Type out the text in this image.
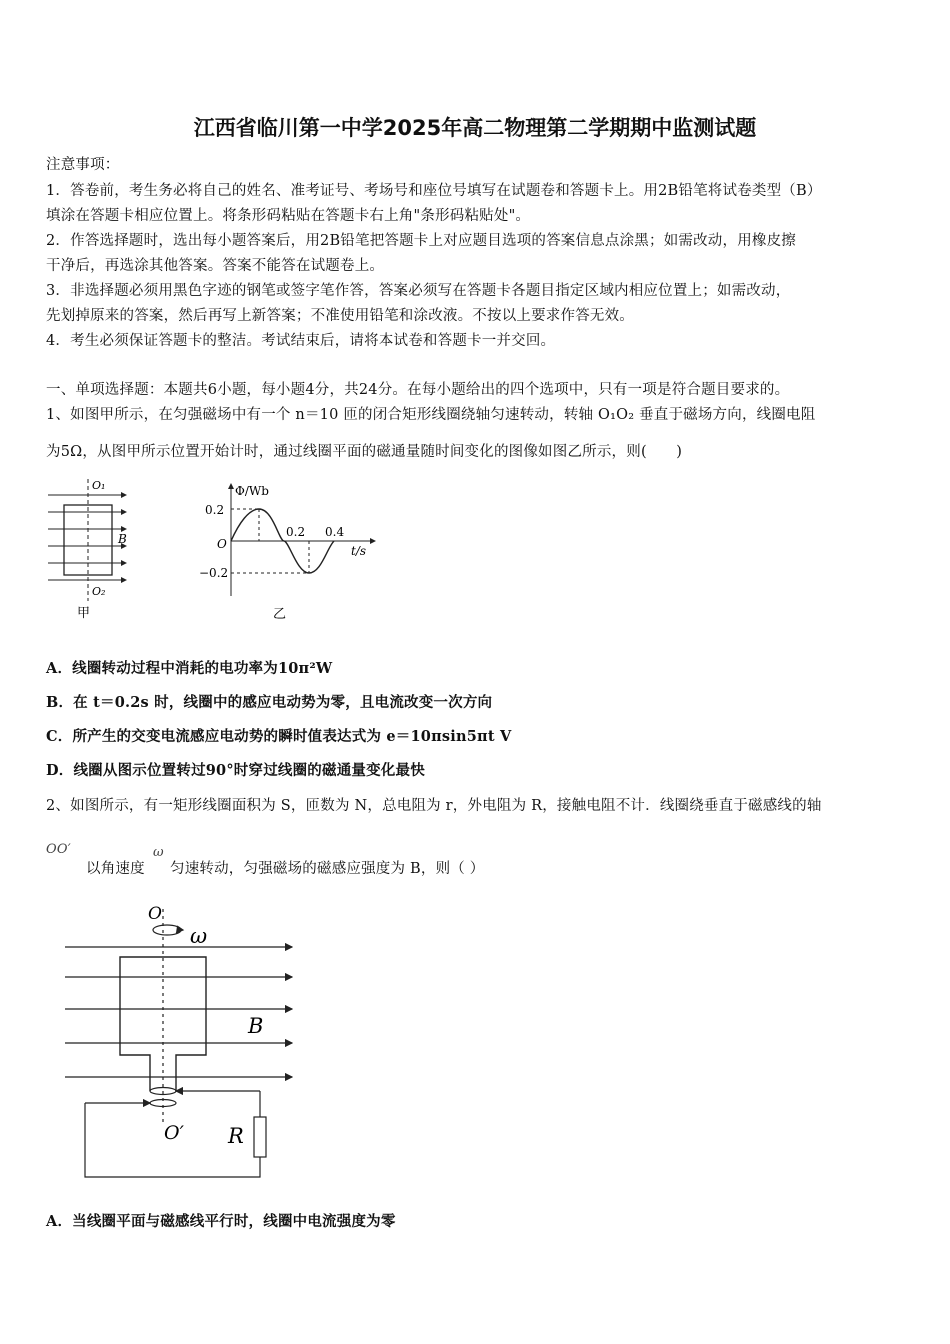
江西省临川第一中学2025年高二物理第二学期期中监测试题
注意事项：
1．答卷前，考生务必将自己的姓名、准考证号、考场号和座位号填写在试题卷和答题卡上。用2B铅笔将试卷类型（B）
填涂在答题卡相应位置上。将条形码粘贴在答题卡右上角"条形码粘贴处"。
2．作答选择题时，选出每小题答案后，用2B铅笔把答题卡上对应题目选项的答案信息点涂黑；如需改动，用橡皮擦
干净后，再选涂其他答案。答案不能答在试题卷上。
3．非选择题必须用黑色字迹的钢笔或签字笔作答，答案必须写在答题卡各题目指定区域内相应位置上；如需改动，
先划掉原来的答案，然后再写上新答案；不准使用铅笔和涂改液。不按以上要求作答无效。
4．考生必须保证答题卡的整洁。考试结束后，请将本试卷和答题卡一并交回。
一、单项选择题：本题共6小题，每小题4分，共24分。在每小题给出的四个选项中，只有一项是符合题目要求的。
1、如图甲所示，在匀强磁场中有一个 n＝10 匝的闭合矩形线圈绕轴匀速转动，转轴 O₁O₂ 垂直于磁场方向，线圈电阻
为5Ω，从图甲所示位置开始计时，通过线圈平面的磁通量随时间变化的图像如图乙所示，则(　　)
O₁
O₂
B
甲
Φ/Wb
t/s
O
0.2
−0.2
0.2 0.4
乙
A．线圈转动过程中消耗的电功率为10π²W
B．在 t＝0.2s 时，线圈中的感应电动势为零，且电流改变一次方向
C．所产生的交变电流感应电动势的瞬时值表达式为 e＝10πsin5πt V
D．线圈从图示位置转过90°时穿过线圈的磁通量变化最快
2、如图所示，有一矩形线圈面积为 S，匝数为 N，总电阻为 r，外电阻为 R，接触电阻不计．线圈绕垂直于磁感线的轴
OO′
以角速度
ω
匀速转动，匀强磁场的磁感应强度为 B，则（ ）
O
ω
B
O′ R
A．当线圈平面与磁感线平行时，线圈中电流强度为零
